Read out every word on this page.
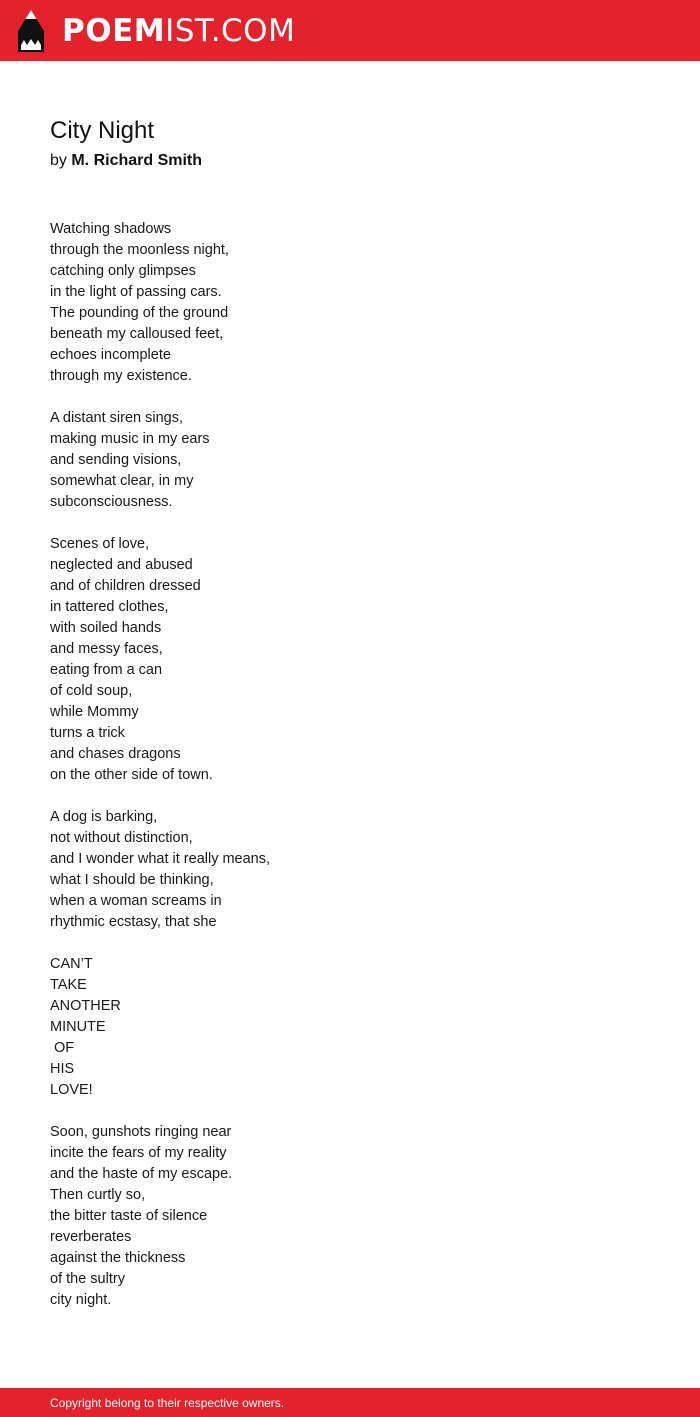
POEMIST.COM
City Night
by M. Richard Smith
Watching shadows
through the moonless night,
catching only glimpses
in the light of passing cars.
The pounding of the ground
beneath my calloused feet,
echoes incomplete
through my existence.
A distant siren sings,
making music in my ears
and sending visions,
somewhat clear, in my
subconsciousness.
Scenes of love,
neglected and abused
and of children dressed
in tattered clothes,
with soiled hands
and messy faces,
eating from a can
of cold soup,
while Mommy
turns a trick
and chases dragons
on the other side of town.
A dog is barking,
not without distinction,
and I wonder what it really means,
what I should be thinking,
when a woman screams in
rhythmic ecstasy, that she
CAN’T
TAKE
ANOTHER
MINUTE
OF
HIS
LOVE!
Soon, gunshots ringing near
incite the fears of my reality
and the haste of my escape.
Then curtly so,
the bitter taste of silence
reverberates
against the thickness
of the sultry
city night.
Copyright belong to their respective owners.
